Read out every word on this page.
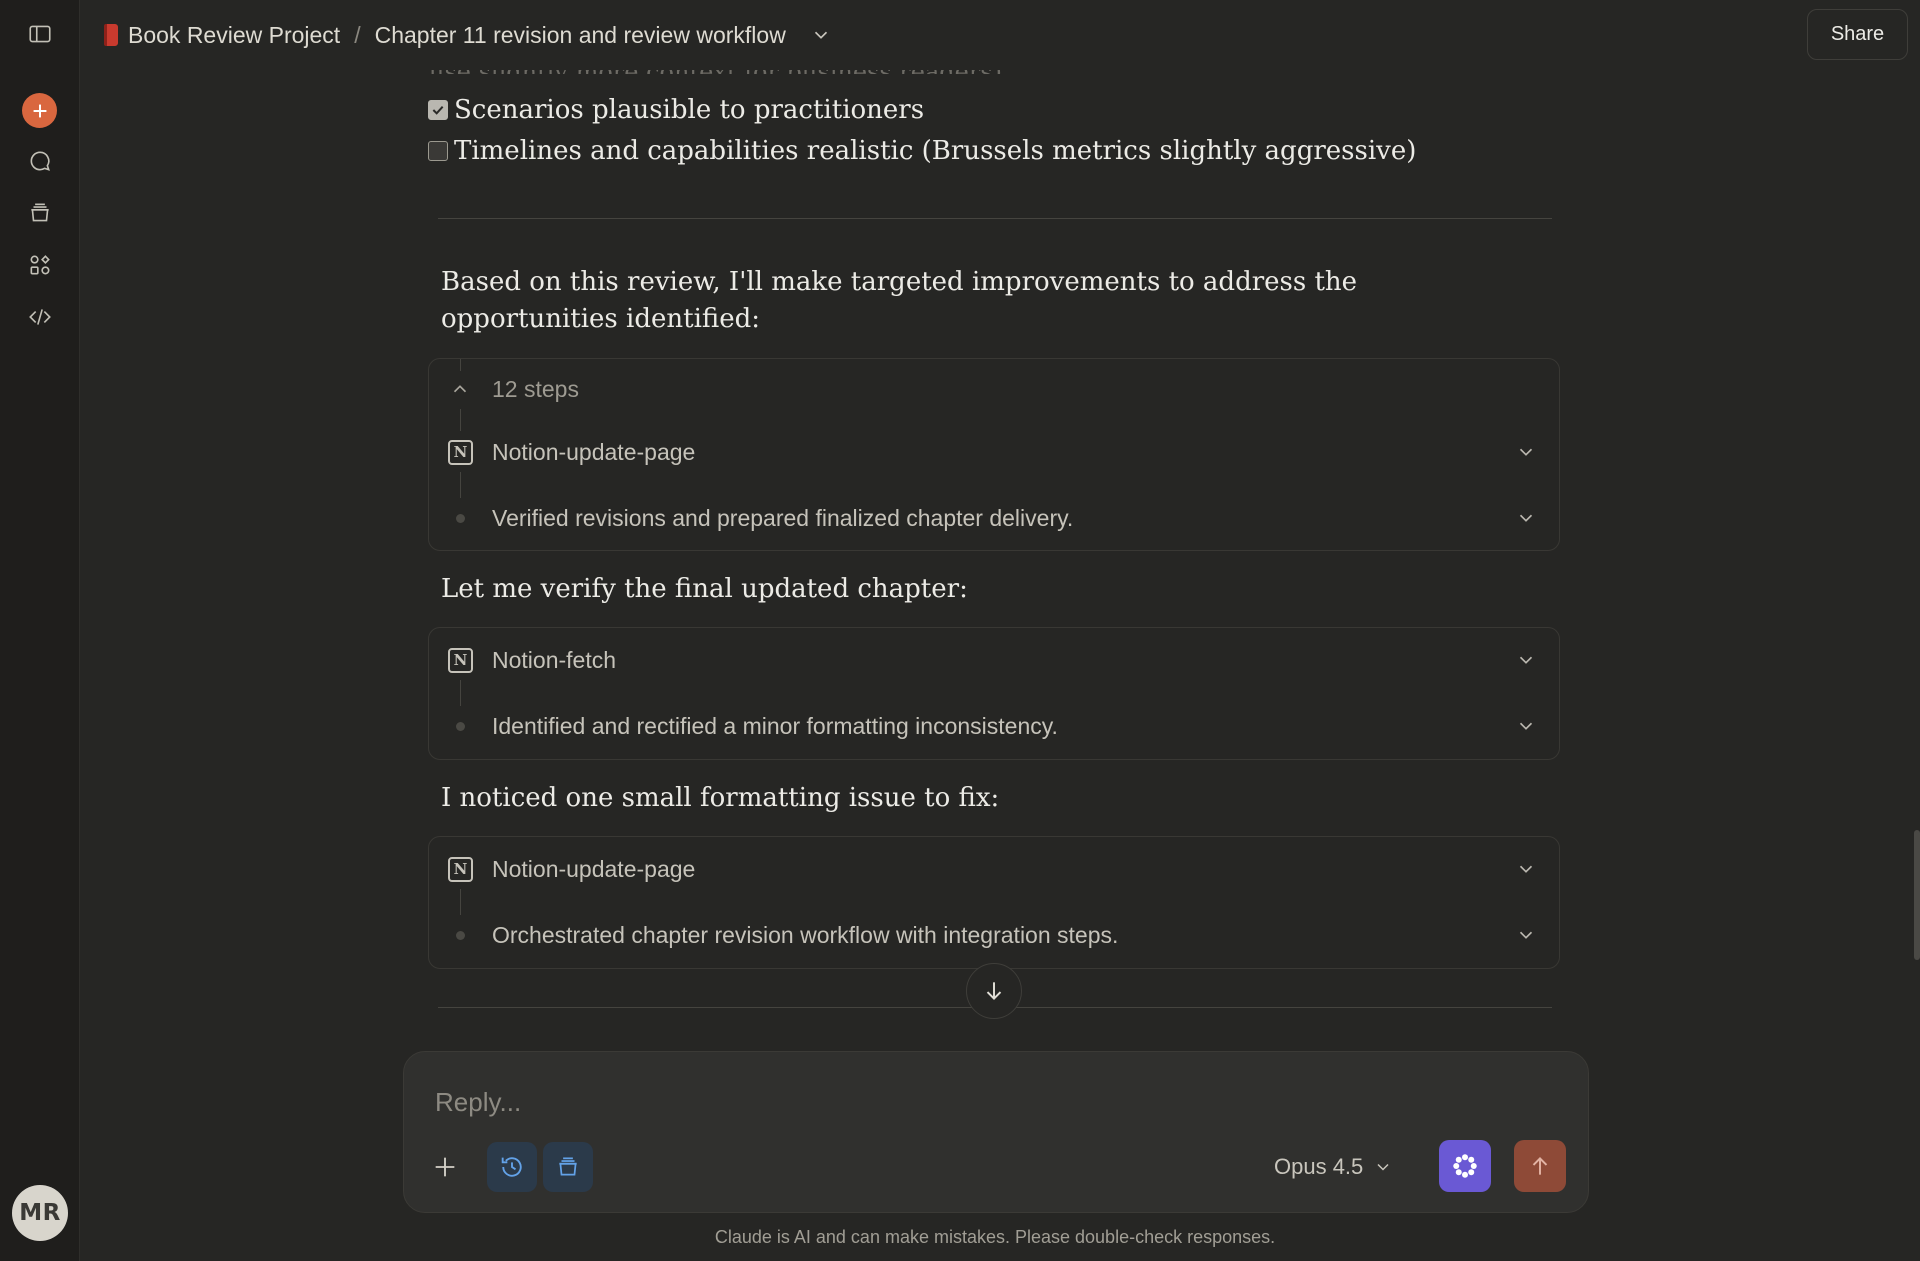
MR
Scenarios plausible to practitioners
Timelines and capabilities realistic (Brussels metrics slightly aggressive)
Based on this review, I'll make targeted improvements to address the opportunities identified:
12 steps
N Notion-update-page
Verified revisions and prepared finalized chapter delivery.
Let me verify the final updated chapter:
N Notion-fetch
Identified and rectified a minor formatting inconsistency.
I noticed one small formatting issue to fix:
N Notion-update-page
Orchestrated chapter revision workflow with integration steps.
Book Review Project / Chapter 11 revision and review workflow	Share
Reply...
Opus 4.5
Claude is AI and can make mistakes. Please double-check responses.
